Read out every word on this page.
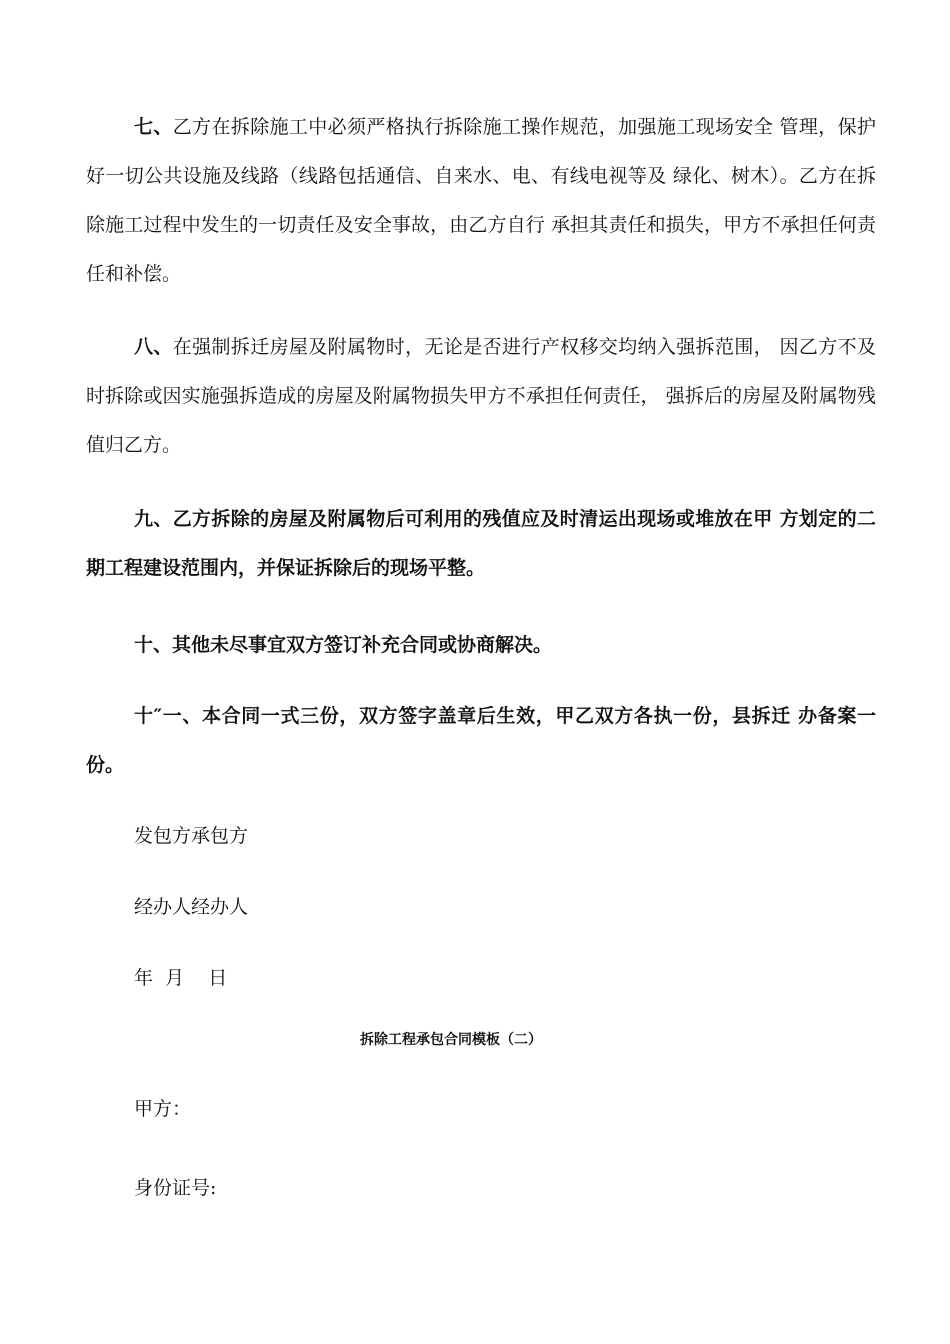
七、乙方在拆除施工中必须严格执行拆除施工操作规范，加强施工现场安全 管理，保护好一切公共设施及线路（线路包括通信、自来水、电、有线电视等及 绿化、树木）。乙方在拆除施工过程中发生的一切责任及安全事故，由乙方自行 承担其责任和损失，甲方不承担任何责任和补偿。

八、在强制拆迁房屋及附属物时，无论是否进行产权移交均纳入强拆范围， 因乙方不及时拆除或因实施强拆造成的房屋及附属物损失甲方不承担任何责任， 强拆后的房屋及附属物残值归乙方。

九、乙方拆除的房屋及附属物后可利用的残值应及时清运出现场或堆放在甲 方划定的二期工程建设范围内，并保证拆除后的现场平整。

十、其他未尽事宜双方签订补充合同或协商解决。

十″一、本合同一式三份，双方签字盖章后生效，甲乙双方各执一份，县拆迁 办备案一份。

发包方承包方

经办人经办人

年  月    日

拆除工程承包合同模板（二）

甲方：

身份证号:
